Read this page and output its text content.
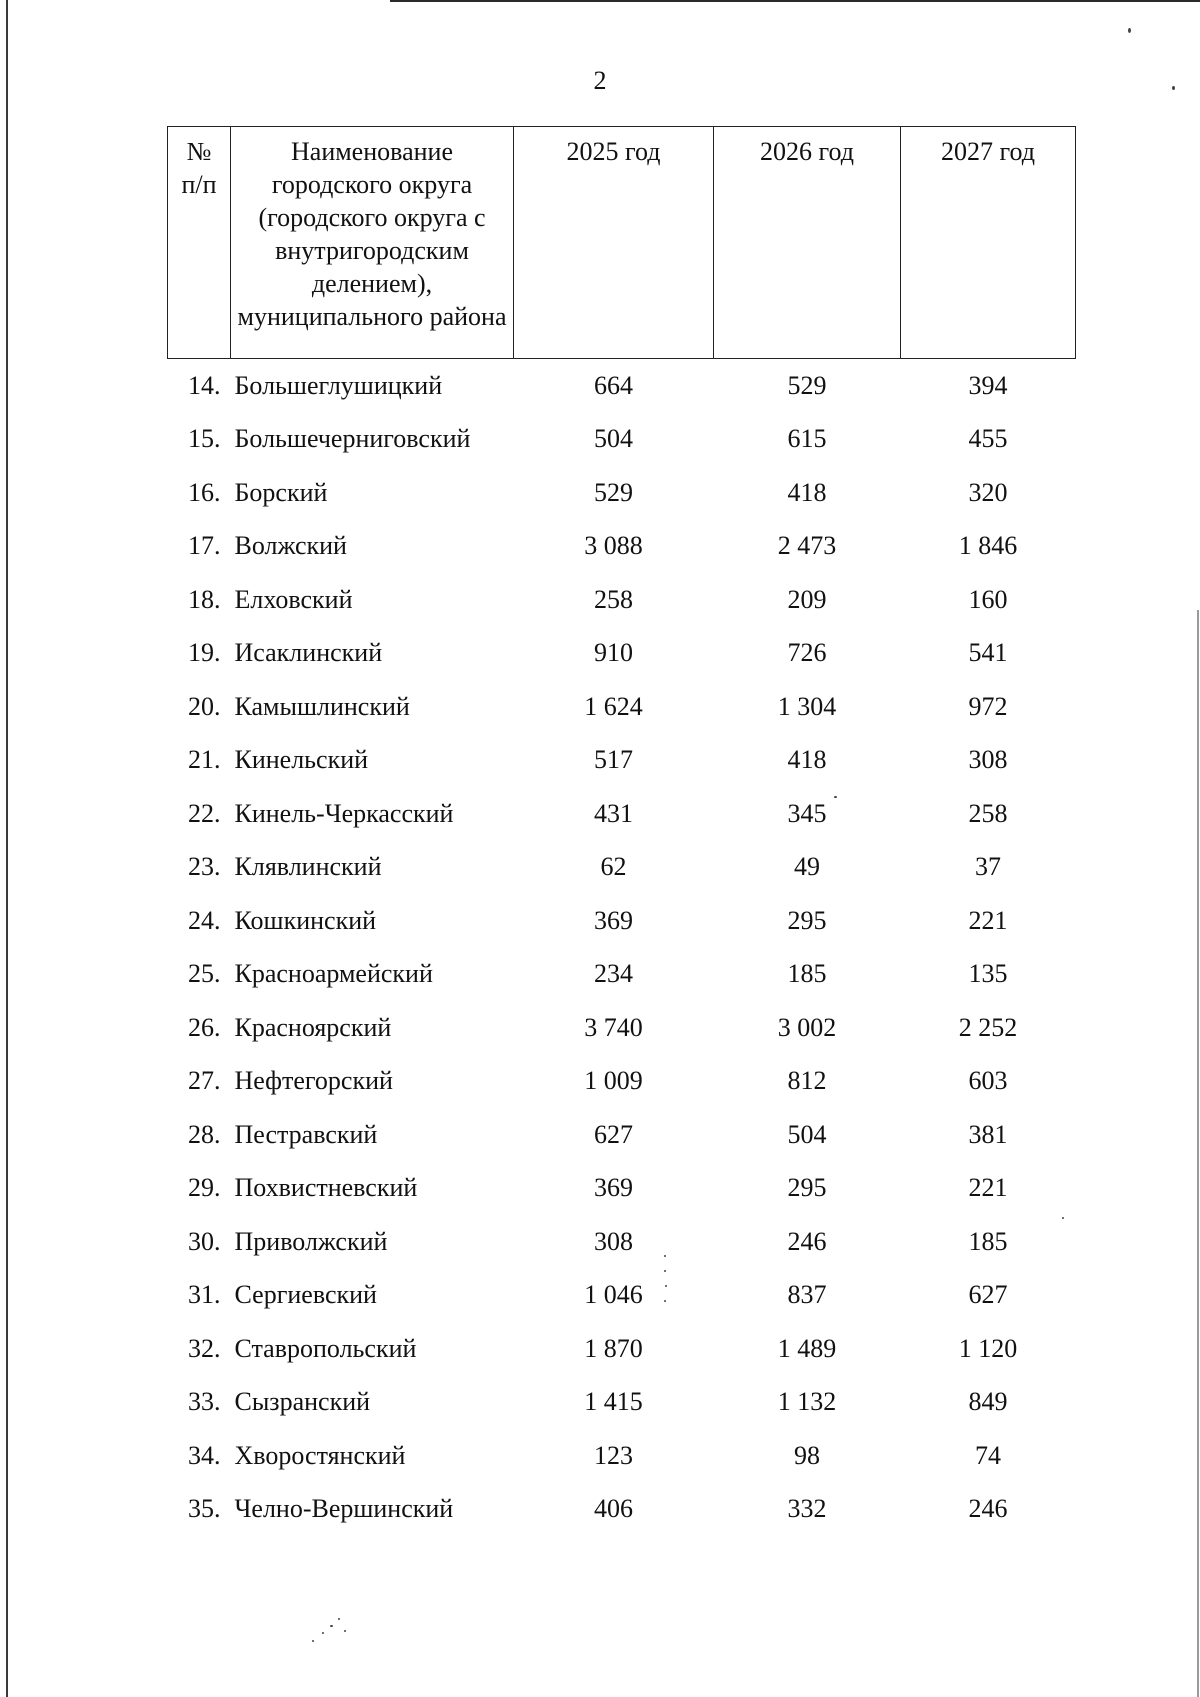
2
№ п/п	Наименование городского округа (городского округа с внутригородским делением), муниципального района	2025 год	2026 год	2027 год
14.	Большеглушицкий	664	529	394
15.	Большечерниговский	504	615	455
16.	Борский	529	418	320
17.	Волжский	3 088	2 473	1 846
18.	Елховский	258	209	160
19.	Исаклинский	910	726	541
20.	Камышлинский	1 624	1 304	972
21.	Кинельский	517	418	308
22.	Кинель-Черкасский	431	345	258
23.	Клявлинский	62	49	37
24.	Кошкинский	369	295	221
25.	Красноармейский	234	185	135
26.	Красноярский	3 740	3 002	2 252
27.	Нефтегорский	1 009	812	603
28.	Пестравский	627	504	381
29.	Похвистневский	369	295	221
30.	Приволжский	308	246	185
31.	Сергиевский	1 046	837	627
32.	Ставропольский	1 870	1 489	1 120
33.	Сызранский	1 415	1 132	849
34.	Хворостянский	123	98	74
35.	Челно-Вершинский	406	332	246
